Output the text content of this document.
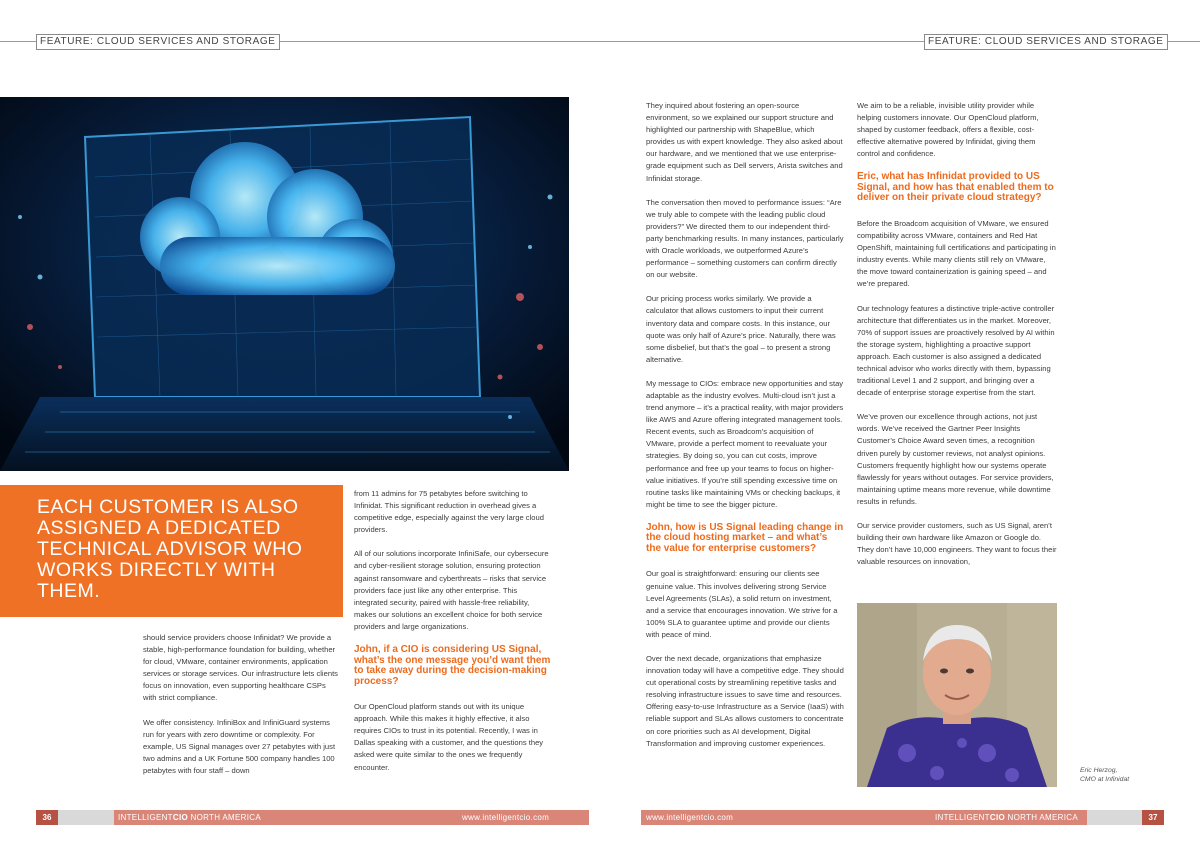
FEATURE: CLOUD SERVICES AND STORAGE	FEATURE: CLOUD SERVICES AND STORAGE
EACH CUSTOMER IS ALSO ASSIGNED A DEDICATED TECHNICAL ADVISOR WHO WORKS DIRECTLY WITH THEM.

should service providers choose Infinidat? We provide a stable, high-performance foundation for building, whether for cloud, VMware, container environments, application services or storage services. Our infrastructure lets clients focus on innovation, even supporting healthcare CSPs with strict compliance.

We offer consistency. InfiniBox and InfiniGuard systems run for years with zero downtime or complexity. For example, US Signal manages over 27 petabytes with just two admins and a UK Fortune 500 company handles 100 petabytes with four staff – down

from 11 admins for 75 petabytes before switching to Infinidat. This significant reduction in overhead gives a competitive edge, especially against the very large cloud providers.

All of our solutions incorporate InfiniSafe, our cybersecure and cyber-resilient storage solution, ensuring protection against ransomware and cyberthreats – risks that service providers face just like any other enterprise. This integrated security, paired with hassle-free reliability, makes our solutions an excellent choice for both service providers and large organizations.

John, if a CIO is considering US Signal, what’s the one message you’d want them to take away during the decision-making process?

Our OpenCloud platform stands out with its unique approach. While this makes it highly effective, it also requires CIOs to trust in its potential. Recently, I was in Dallas speaking with a customer, and the questions they asked were quite similar to the ones we frequently encounter.

They inquired about fostering an open-source environment, so we explained our support structure and highlighted our partnership with ShapeBlue, which provides us with expert knowledge. They also asked about our hardware, and we mentioned that we use enterprise-grade equipment such as Dell servers, Arista switches and Infinidat storage.

The conversation then moved to performance issues: “Are we truly able to compete with the leading public cloud providers?” We directed them to our independent third-party benchmarking results. In many instances, particularly with Oracle workloads, we outperformed Azure’s performance – something customers can confirm directly on our website.

Our pricing process works similarly. We provide a calculator that allows customers to input their current inventory data and compare costs. In this instance, our quote was only half of Azure’s price. Naturally, there was some disbelief, but that’s the goal – to present a strong alternative.

My message to CIOs: embrace new opportunities and stay adaptable as the industry evolves. Multi-cloud isn’t just a trend anymore – it’s a practical reality, with major providers like AWS and Azure offering integrated management tools. Recent events, such as Broadcom’s acquisition of VMware, provide a perfect moment to reevaluate your strategies. By doing so, you can cut costs, improve performance and free up your teams to focus on higher-value initiatives. If you’re still spending excessive time on routine tasks like maintaining VMs or checking backups, it might be time to see the bigger picture.

John, how is US Signal leading change in the cloud hosting market – and what’s the value for enterprise customers?

Our goal is straightforward: ensuring our clients see genuine value. This involves delivering strong Service Level Agreements (SLAs), a solid return on investment, and a service that encourages innovation. We strive for a 100% SLA to guarantee uptime and provide our clients with peace of mind.

Over the next decade, organizations that emphasize innovation today will have a competitive edge. They should cut operational costs by streamlining repetitive tasks and resolving infrastructure issues to save time and resources. Offering easy-to-use Infrastructure as a Service (IaaS) with reliable support and SLAs allows customers to concentrate on core priorities such as AI development, Digital Transformation and improving customer experiences.

We aim to be a reliable, invisible utility provider while helping customers innovate. Our OpenCloud platform, shaped by customer feedback, offers a flexible, cost-effective alternative powered by Infinidat, giving them control and confidence.

Eric, what has Infinidat provided to US Signal, and how has that enabled them to deliver on their private cloud strategy?

Before the Broadcom acquisition of VMware, we ensured compatibility across VMware, containers and Red Hat OpenShift, maintaining full certifications and participating in industry events. While many clients still rely on VMware, the move toward containerization is gaining speed – and we’re prepared.

Our technology features a distinctive triple-active controller architecture that differentiates us in the market. Moreover, 70% of support issues are proactively resolved by AI within the storage system, highlighting a proactive support approach. Each customer is also assigned a dedicated technical advisor who works directly with them, bypassing traditional Level 1 and 2 support, and bringing over a decade of enterprise storage expertise from the start.

We’ve proven our excellence through actions, not just words. We’ve received the Gartner Peer Insights Customer’s Choice Award seven times, a recognition driven purely by customer reviews, not analyst opinions. Customers frequently highlight how our systems operate flawlessly for years without outages. For service providers, maintaining uptime means more revenue, while downtime results in refunds.

Our service provider customers, such as US Signal, aren’t building their own hardware like Amazon or Google do. They don’t have 10,000 engineers. They want to focus their valuable resources on innovation,

Eric Herzog,
CMO at Infinidat
36	37
INTELLIGENTCIO NORTH AMERICA	www.intelligentcio.com	www.intelligentcio.com	INTELLIGENTCIO NORTH AMERICA
